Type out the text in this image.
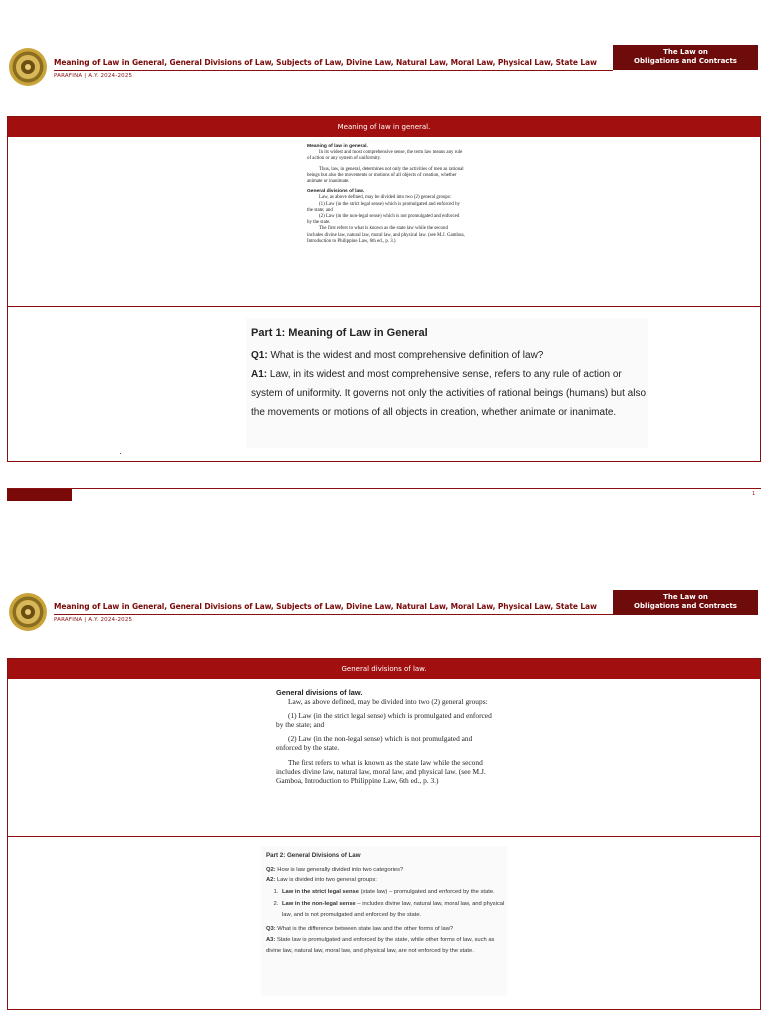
Meaning of Law in General, General Divisions of Law, Subjects of Law, Divine Law, Natural Law, Moral Law, Physical Law, State Law
PARAFINA | A.Y. 2024-2025
The Law on
Obligations and Contracts
Meaning of law in general.
Meaning of law in general.

In its widest and most comprehensive sense, the term law means any rule of action or any system of uniformity.

Thus, law, in general, determines not only the activities of men as rational beings but also the movements or motions of all objects of creation, whether animate or inanimate.

General divisions of law.

Law, as above defined, may be divided into two (2) general groups:

(1) Law (in the strict legal sense) which is promulgated and enforced by the state; and

(2) Law (in the non-legal sense) which is not promulgated and enforced by the state.

The first refers to what is known as the state law while the second includes divine law, natural law, moral law, and physical law. (see M.J. Gamboa, Introduction to Philippine Law, 6th ed., p. 3.)

Part 1: Meaning of Law in General
Q1: What is the widest and most comprehensive definition of law?
A1: Law, in its widest and most comprehensive sense, refers to any rule of action or system of uniformity. It governs not only the activities of rational beings (humans) but also the movements or motions of all objects in creation, whether animate or inanimate.
1
Meaning of Law in General, General Divisions of Law, Subjects of Law, Divine Law, Natural Law, Moral Law, Physical Law, State Law
PARAFINA | A.Y. 2024-2025
The Law on
Obligations and Contracts
General divisions of law.
General divisions of law.

Law, as above defined, may be divided into two (2) general groups:

(1) Law (in the strict legal sense) which is promulgated and enforced by the state; and

(2) Law (in the non-legal sense) which is not promulgated and enforced by the state.

The first refers to what is known as the state law while the second includes divine law, natural law, moral law, and physical law. (see M.J. Gamboa, Introduction to Philippine Law, 6th ed., p. 3.)

Part 2: General Divisions of Law
Q2: How is law generally divided into two categories?
A2: Law is divided into two general groups:
1. Law in the strict legal sense (state law) – promulgated and enforced by the state.
2. Law in the non-legal sense – includes divine law, natural law, moral law, and physical law, and is not promulgated and enforced by the state.
Q3: What is the difference between state law and the other forms of law?
A3: State law is promulgated and enforced by the state, while other forms of law, such as divine law, natural law, moral law, and physical law, are not enforced by the state.
